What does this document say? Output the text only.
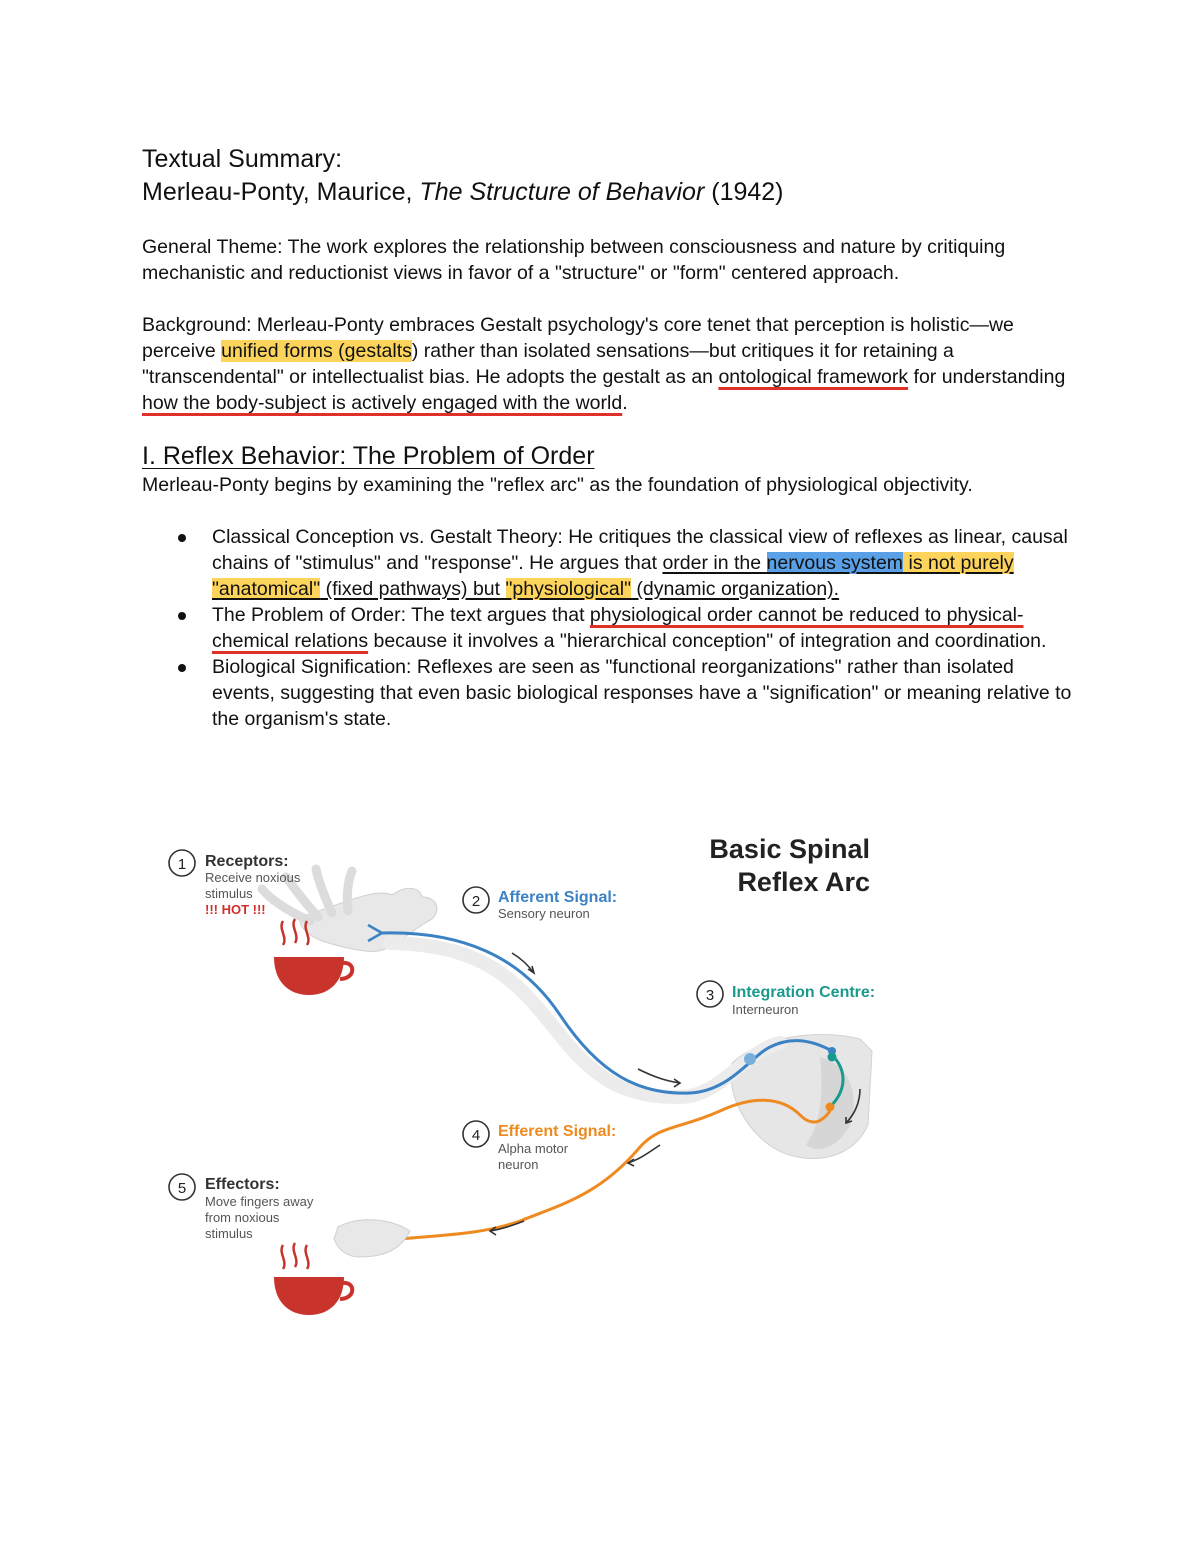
Textual Summary:
Merleau-Ponty, Maurice, The Structure of Behavior (1942)
General Theme: The work explores the relationship between consciousness and nature by critiquing mechanistic and reductionist views in favor of a "structure" or "form" centered approach.
Background: Merleau-Ponty embraces Gestalt psychology's core tenet that perception is holistic—we perceive unified forms (gestalts) rather than isolated sensations—but critiques it for retaining a "transcendental" or intellectualist bias. He adopts the gestalt as an ontological framework for understanding how the body-subject is actively engaged with the world.
I. Reflex Behavior: The Problem of Order
Merleau-Ponty begins by examining the "reflex arc" as the foundation of physiological objectivity.
Classical Conception vs. Gestalt Theory: He critiques the classical view of reflexes as linear, causal chains of "stimulus" and "response". He argues that order in the nervous system is not purely "anatomical" (fixed pathways) but "physiological" (dynamic organization).
The Problem of Order: The text argues that physiological order cannot be reduced to physical-chemical relations because it involves a "hierarchical conception" of integration and coordination.
Biological Signification: Reflexes are seen as "functional reorganizations" rather than isolated events, suggesting that even basic biological responses have a "signification" or meaning relative to the organism's state.
Basic Spinal
Reflex Arc
1 Receptors:
Receive noxious
stimulus
!!! HOT !!!	2 Afferent Signal:
Sensory neuron
3 Integration Centre:
Interneuron
4 Efferent Signal:
Alpha motor
neuron
5 Effectors:
Move fingers away
from noxious
stimulus
